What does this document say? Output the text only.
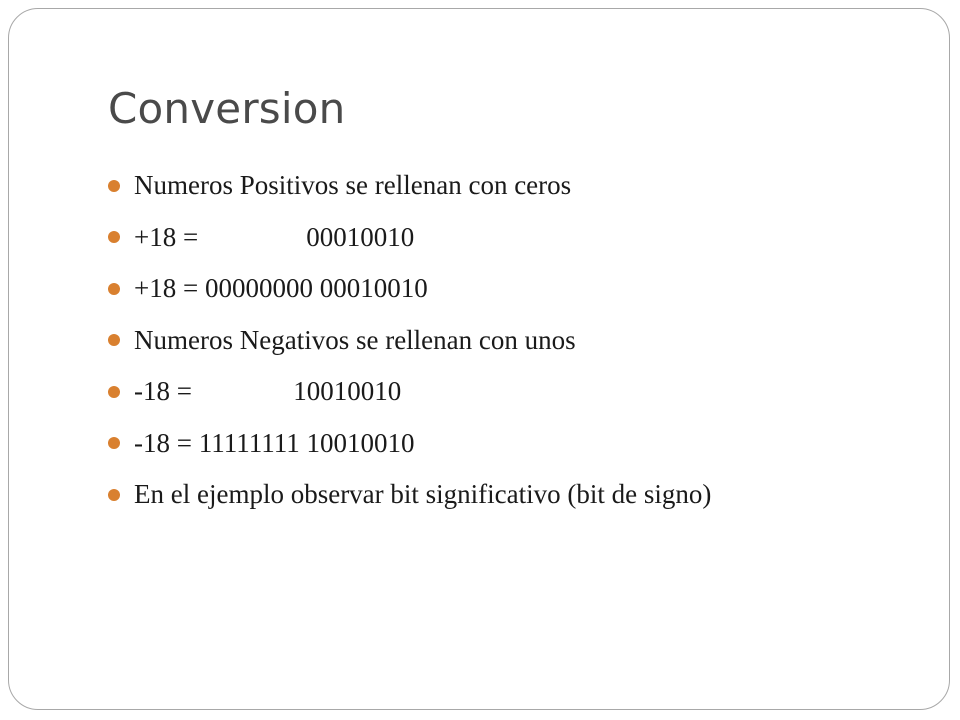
Conversion
Numeros Positivos se rellenan con ceros
+18 =                00010010
+18 = 00000000 00010010
Numeros Negativos se rellenan con unos
-18 =               10010010
-18 = 11111111 10010010
En el ejemplo observar bit significativo (bit de signo)
